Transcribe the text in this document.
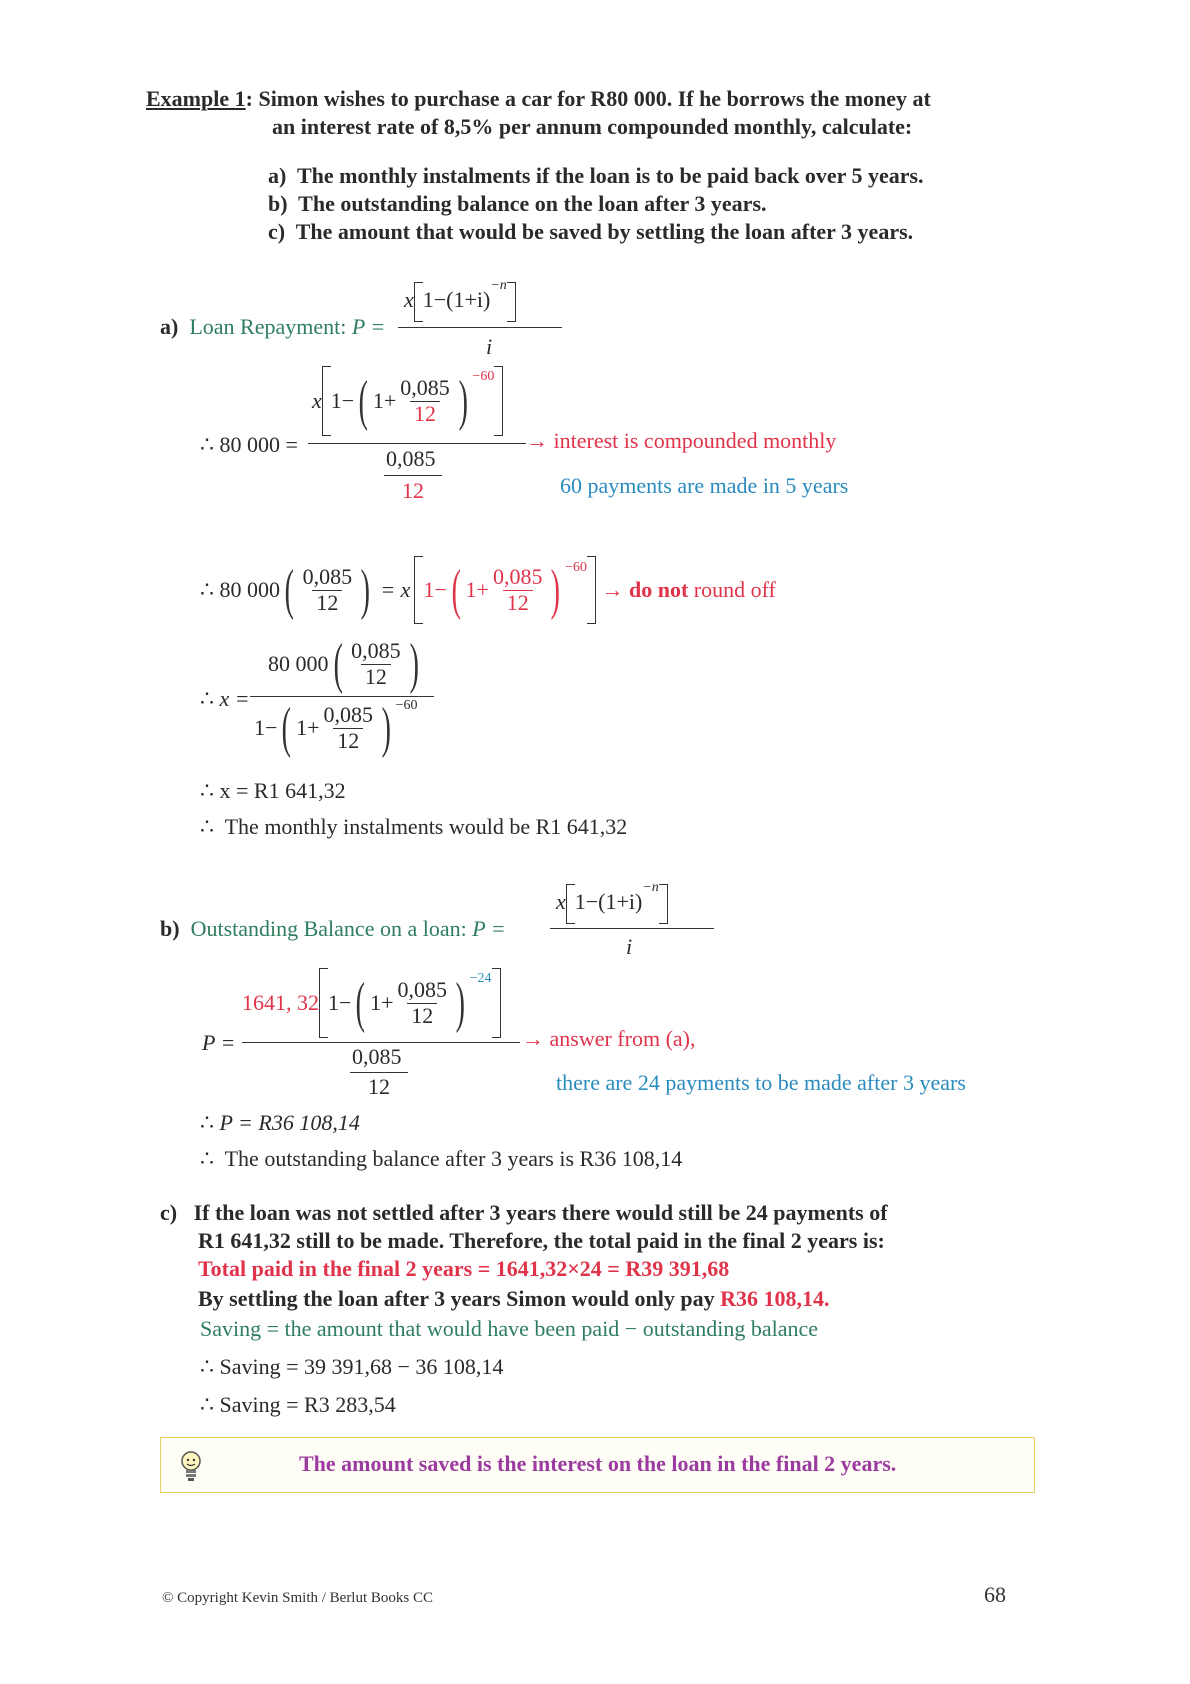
Example 1: Simon wishes to purchase a car for R80 000. If he borrows the money at
an interest rate of 8,5% per annum compounded monthly, calculate:
a) The monthly instalments if the loan is to be paid back over 5 years.
b) The outstanding balance on the loan after 3 years.
c) The amount that would be saved by settling the loan after 3 years.
a) Loan Repayment: P =
x $1-(1+i)^{-n}$
i
∴ 80 000 =
x 1− ( $1+ \frac{0,085}{12}$ ) −60
0,085
12
→ interest is compounded monthly
60 payments are made in 5 years
∴
80 000 ( $\frac{0,085}{12}$ )
= x 1− ( $1+ \frac{0,085}{12}$ ) −60

→
do not
round off
∴ x =
80 000 ( $\frac{0,085}{12}$ )
1− ( $1+ \frac{0,085}{12}$ ) −60
∴ x = R1 641,32
∴ The monthly instalments would be R1 641,32
b) Outstanding Balance on a loan: P =
x $1-(1+i)^{-n}$
i
P =
1641, 32 1− ( $1+ \frac{0,085}{12}$ ) −24
0,085
12
→ answer from (a),
there are 24 payments to be made after 3 years
∴ P = R36 108,14
∴ The outstanding balance after 3 years is R36 108,14
c) If the loan was not settled after 3 years there would still be 24 payments of
R1 641,32 still to be made. Therefore, the total paid in the final 2 years is:
Total paid in the final 2 years = 1641,32×24 = R39 391,68
By settling the loan after 3 years Simon would only pay R36 108,14.
Saving = the amount that would have been paid − outstanding balance
∴ Saving = 39 391,68 − 36 108,14
∴ Saving = R3 283,54
The amount saved is the interest on the loan in the final 2 years.
© Copyright Kevin Smith / Berlut Books CC	68
